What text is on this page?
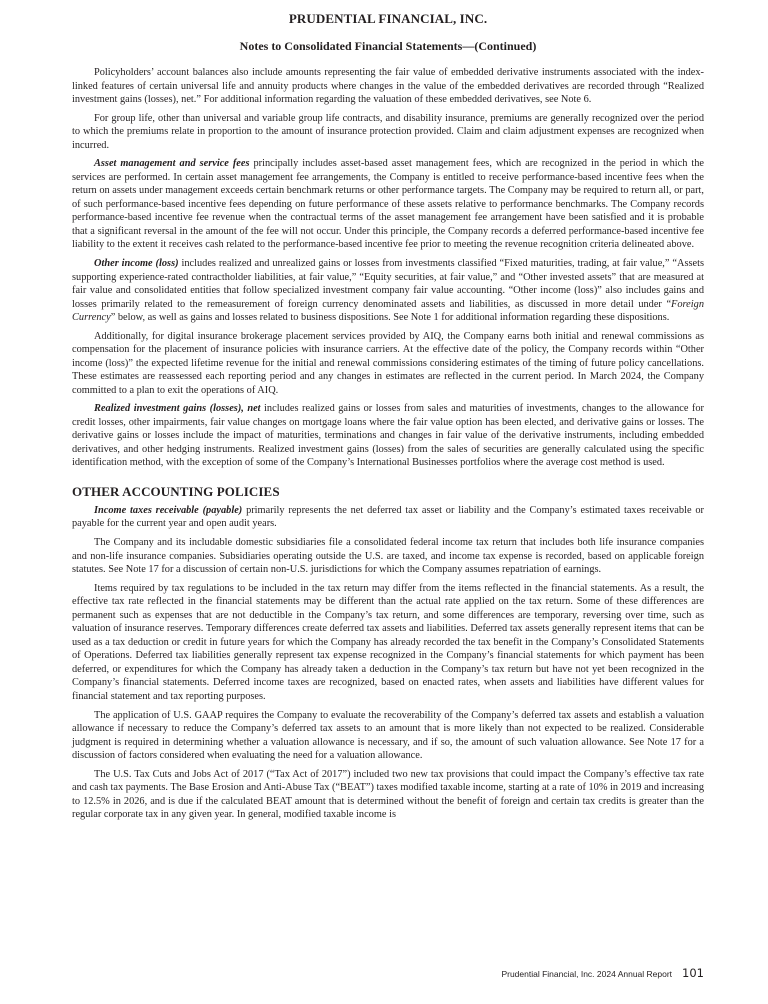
PRUDENTIAL FINANCIAL, INC.
Notes to Consolidated Financial Statements—(Continued)

Policyholders’ account balances also include amounts representing the fair value of embedded derivative instruments associated with the index-linked features of certain universal life and annuity products where changes in the value of the embedded derivatives are recorded through “Realized investment gains (losses), net.” For additional information regarding the valuation of these embedded derivatives, see Note 6.

For group life, other than universal and variable group life contracts, and disability insurance, premiums are generally recognized over the period to which the premiums relate in proportion to the amount of insurance protection provided. Claim and claim adjustment expenses are recognized when incurred.

Asset management and service fees principally includes asset-based asset management fees, which are recognized in the period in which the services are performed. In certain asset management fee arrangements, the Company is entitled to receive performance-based incentive fees when the return on assets under management exceeds certain benchmark returns or other performance targets. The Company may be required to return all, or part, of such performance-based incentive fees depending on future performance of these assets relative to performance benchmarks. The Company records performance-based incentive fee revenue when the contractual terms of the asset management fee arrangement have been satisfied and it is probable that a significant reversal in the amount of the fee will not occur. Under this principle, the Company records a deferred performance-based incentive fee liability to the extent it receives cash related to the performance-based incentive fee prior to meeting the revenue recognition criteria delineated above.

Other income (loss) includes realized and unrealized gains or losses from investments classified “Fixed maturities, trading, at fair value,” “Assets supporting experience-rated contractholder liabilities, at fair value,” “Equity securities, at fair value,” and “Other invested assets” that are measured at fair value and consolidated entities that follow specialized investment company fair value accounting. “Other income (loss)” also includes gains and losses primarily related to the remeasurement of foreign currency denominated assets and liabilities, as discussed in more detail under “Foreign Currency” below, as well as gains and losses related to business dispositions. See Note 1 for additional information regarding these dispositions.

Additionally, for digital insurance brokerage placement services provided by AIQ, the Company earns both initial and renewal commissions as compensation for the placement of insurance policies with insurance carriers. At the effective date of the policy, the Company records within “Other income (loss)” the expected lifetime revenue for the initial and renewal commissions considering estimates of the timing of future policy cancellations. These estimates are reassessed each reporting period and any changes in estimates are reflected in the current period. In March 2024, the Company committed to a plan to exit the operations of AIQ.

Realized investment gains (losses), net includes realized gains or losses from sales and maturities of investments, changes to the allowance for credit losses, other impairments, fair value changes on mortgage loans where the fair value option has been elected, and derivative gains or losses. The derivative gains or losses include the impact of maturities, terminations and changes in fair value of the derivative instruments, including embedded derivatives, and other hedging instruments. Realized investment gains (losses) from the sales of securities are generally calculated using the specific identification method, with the exception of some of the Company’s International Businesses portfolios where the average cost method is used.

OTHER ACCOUNTING POLICIES

Income taxes receivable (payable) primarily represents the net deferred tax asset or liability and the Company’s estimated taxes receivable or payable for the current year and open audit years.

The Company and its includable domestic subsidiaries file a consolidated federal income tax return that includes both life insurance companies and non-life insurance companies. Subsidiaries operating outside the U.S. are taxed, and income tax expense is recorded, based on applicable foreign statutes. See Note 17 for a discussion of certain non-U.S. jurisdictions for which the Company assumes repatriation of earnings.

Items required by tax regulations to be included in the tax return may differ from the items reflected in the financial statements. As a result, the effective tax rate reflected in the financial statements may be different than the actual rate applied on the tax return. Some of these differences are permanent such as expenses that are not deductible in the Company’s tax return, and some differences are temporary, reversing over time, such as valuation of insurance reserves. Temporary differences create deferred tax assets and liabilities. Deferred tax assets generally represent items that can be used as a tax deduction or credit in future years for which the Company has already recorded the tax benefit in the Company’s Consolidated Statements of Operations. Deferred tax liabilities generally represent tax expense recognized in the Company’s financial statements for which payment has been deferred, or expenditures for which the Company has already taken a deduction in the Company’s tax return but have not yet been recognized in the Company’s financial statements. Deferred income taxes are recognized, based on enacted rates, when assets and liabilities have different values for financial statement and tax reporting purposes.

The application of U.S. GAAP requires the Company to evaluate the recoverability of the Company’s deferred tax assets and establish a valuation allowance if necessary to reduce the Company’s deferred tax assets to an amount that is more likely than not expected to be realized. Considerable judgment is required in determining whether a valuation allowance is necessary, and if so, the amount of such valuation allowance. See Note 17 for a discussion of factors considered when evaluating the need for a valuation allowance.

The U.S. Tax Cuts and Jobs Act of 2017 (“Tax Act of 2017”) included two new tax provisions that could impact the Company’s effective tax rate and cash tax payments. The Base Erosion and Anti-Abuse Tax (“BEAT”) taxes modified taxable income, starting at a rate of 10% in 2019 and increasing to 12.5% in 2026, and is due if the calculated BEAT amount that is determined without the benefit of foreign and certain tax credits is greater than the regular corporate tax in any given year. In general, modified taxable income is

Prudential Financial, Inc. 2024 Annual Report 101
